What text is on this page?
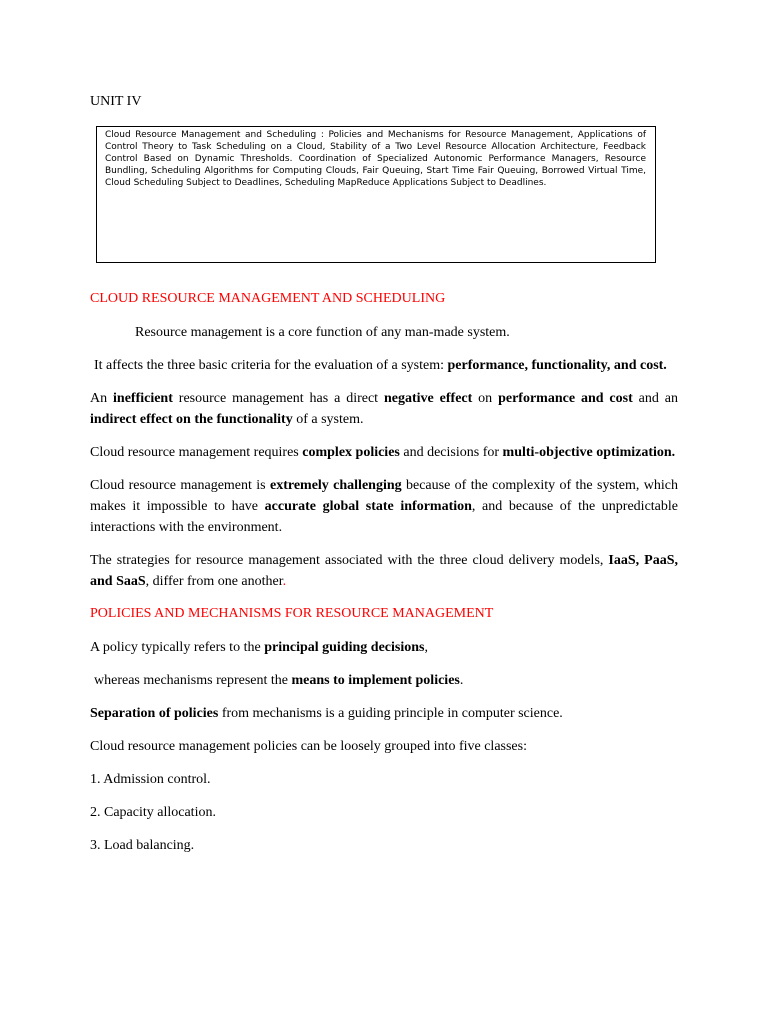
UNIT IV
Cloud Resource Management and Scheduling : Policies and Mechanisms for Resource Management, Applications of Control Theory to Task Scheduling on a Cloud, Stability of a Two Level Resource Allocation Architecture, Feedback Control Based on Dynamic Thresholds. Coordination of Specialized Autonomic Performance Managers, Resource Bundling, Scheduling Algorithms for Computing Clouds, Fair Queuing, Start Time Fair Queuing, Borrowed Virtual Time, Cloud Scheduling Subject to Deadlines, Scheduling MapReduce Applications Subject to Deadlines.
CLOUD RESOURCE MANAGEMENT AND SCHEDULING

Resource management is a core function of any man-made system.

It affects the three basic criteria for the evaluation of a system: performance, functionality, and cost.

An inefficient resource management has a direct negative effect on performance and cost and an indirect effect on the functionality of a system.

Cloud resource management requires complex policies and decisions for multi-objective optimization.

Cloud resource management is extremely challenging because of the complexity of the system, which makes it impossible to have accurate global state information, and because of the unpredictable interactions with the environment.

The strategies for resource management associated with the three cloud delivery models, IaaS, PaaS, and SaaS, differ from one another.

POLICIES AND MECHANISMS FOR RESOURCE MANAGEMENT

A policy typically refers to the principal guiding decisions,

whereas mechanisms represent the means to implement policies.

Separation of policies from mechanisms is a guiding principle in computer science.

Cloud resource management policies can be loosely grouped into five classes:

1. Admission control.

2. Capacity allocation.

3. Load balancing.
